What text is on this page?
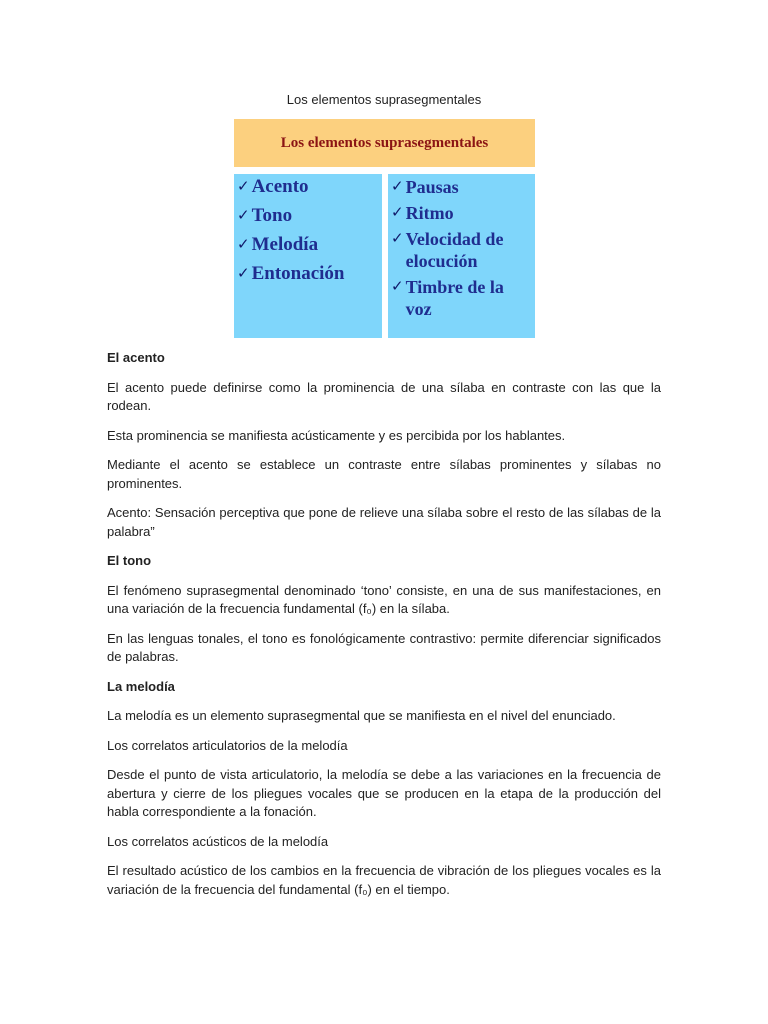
Los elementos suprasegmentales
Los elementos suprasegmentales
✓ Acento
✓ Tono
✓ Melodía
✓ Entonación
✓ Pausas
✓ Ritmo
✓ Velocidad de elocución
✓ Timbre de la voz
El acento

El acento puede definirse como la prominencia de una sílaba en contraste con las que la rodean.

Esta prominencia se manifiesta acústicamente y es percibida por los hablantes.

Mediante el acento se establece un contraste entre sílabas prominentes y sílabas no prominentes.

Acento: Sensación perceptiva que pone de relieve una sílaba sobre el resto de las sílabas de la palabra”

El tono

El fenómeno suprasegmental denominado ‘tono’ consiste, en una de sus manifestaciones, en una variación de la frecuencia fundamental (f₀) en la sílaba.

En las lenguas tonales, el tono es fonológicamente contrastivo: permite diferenciar significados de palabras.

La melodía

La melodía es un elemento suprasegmental que se manifiesta en el nivel del enunciado.

Los correlatos articulatorios de la melodía

Desde el punto de vista articulatorio, la melodía se debe a las variaciones en la frecuencia de abertura y cierre de los pliegues vocales que se producen en la etapa de la producción del habla correspondiente a la fonación.

Los correlatos acústicos de la melodía

El resultado acústico de los cambios en la frecuencia de vibración de los pliegues vocales es la variación de la frecuencia del fundamental (f₀) en el tiempo.
